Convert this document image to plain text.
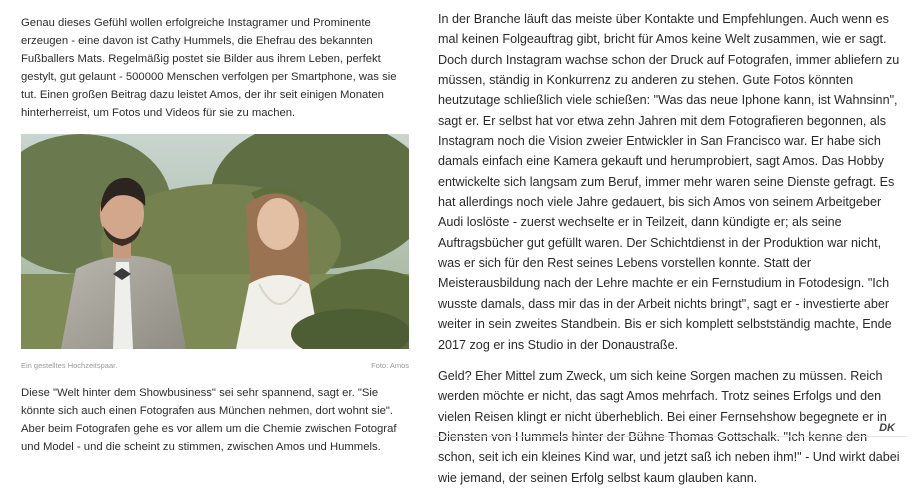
Genau dieses Gefühl wollen erfolgreiche Instagramer und Prominente erzeugen - eine davon ist Cathy Hummels, die Ehefrau des bekannten Fußballers Mats. Regelmäßig postet sie Bilder aus ihrem Leben, perfekt gestylt, gut gelaunt - 500000 Menschen verfolgen per Smartphone, was sie tut. Einen großen Beitrag dazu leistet Amos, der ihr seit einigen Monaten hinterherreist, um Fotos und Videos für sie zu machen.

Ein gestelltes Hochzeitspaar.	Foto: Amos

Diese "Welt hinter dem Showbusiness" sei sehr spannend, sagt er. "Sie könnte sich auch einen Fotografen aus München nehmen, dort wohnt sie". Aber beim Fotografen gehe es vor allem um die Chemie zwischen Fotograf und Model - und die scheint zu stimmen, zwischen Amos und Hummels.

In der Branche läuft das meiste über Kontakte und Empfehlungen. Auch wenn es mal keinen Folgeauftrag gibt, bricht für Amos keine Welt zusammen, wie er sagt. Doch durch Instagram wachse schon der Druck auf Fotografen, immer abliefern zu müssen, ständig in Konkurrenz zu anderen zu stehen. Gute Fotos könnten heutzutage schließlich viele schießen: "Was das neue Iphone kann, ist Wahnsinn", sagt er. Er selbst hat vor etwa zehn Jahren mit dem Fotografieren begonnen, als Instagram noch die Vision zweier Entwickler in San Francisco war. Er habe sich damals einfach eine Kamera gekauft und herumprobiert, sagt Amos. Das Hobby entwickelte sich langsam zum Beruf, immer mehr waren seine Dienste gefragt. Es hat allerdings noch viele Jahre gedauert, bis sich Amos von seinem Arbeitgeber Audi loslöste - zuerst wechselte er in Teilzeit, dann kündigte er; als seine Auftragsbücher gut gefüllt waren. Der Schichtdienst in der Produktion war nicht, was er sich für den Rest seines Lebens vorstellen konnte. Statt der Meisterausbildung nach der Lehre machte er ein Fernstudium in Fotodesign. "Ich wusste damals, dass mir das in der Arbeit nichts bringt", sagt er - investierte aber weiter in sein zweites Standbein. Bis er sich komplett selbstständig machte, Ende 2017 zog er ins Studio in der Donaustraße.

Geld? Eher Mittel zum Zweck, um sich keine Sorgen machen zu müssen. Reich werden möchte er nicht, das sagt Amos mehrfach. Trotz seines Erfolgs und den vielen Reisen klingt er nicht überheblich. Bei einer Fernsehshow begegnete er in schon, seit ich ein kleines Kind war, und jetzt saß ich neben ihm!" - Und wirkt dabei wie jemand, der seinen Erfolg selbst kaum glauben kann.

DK
